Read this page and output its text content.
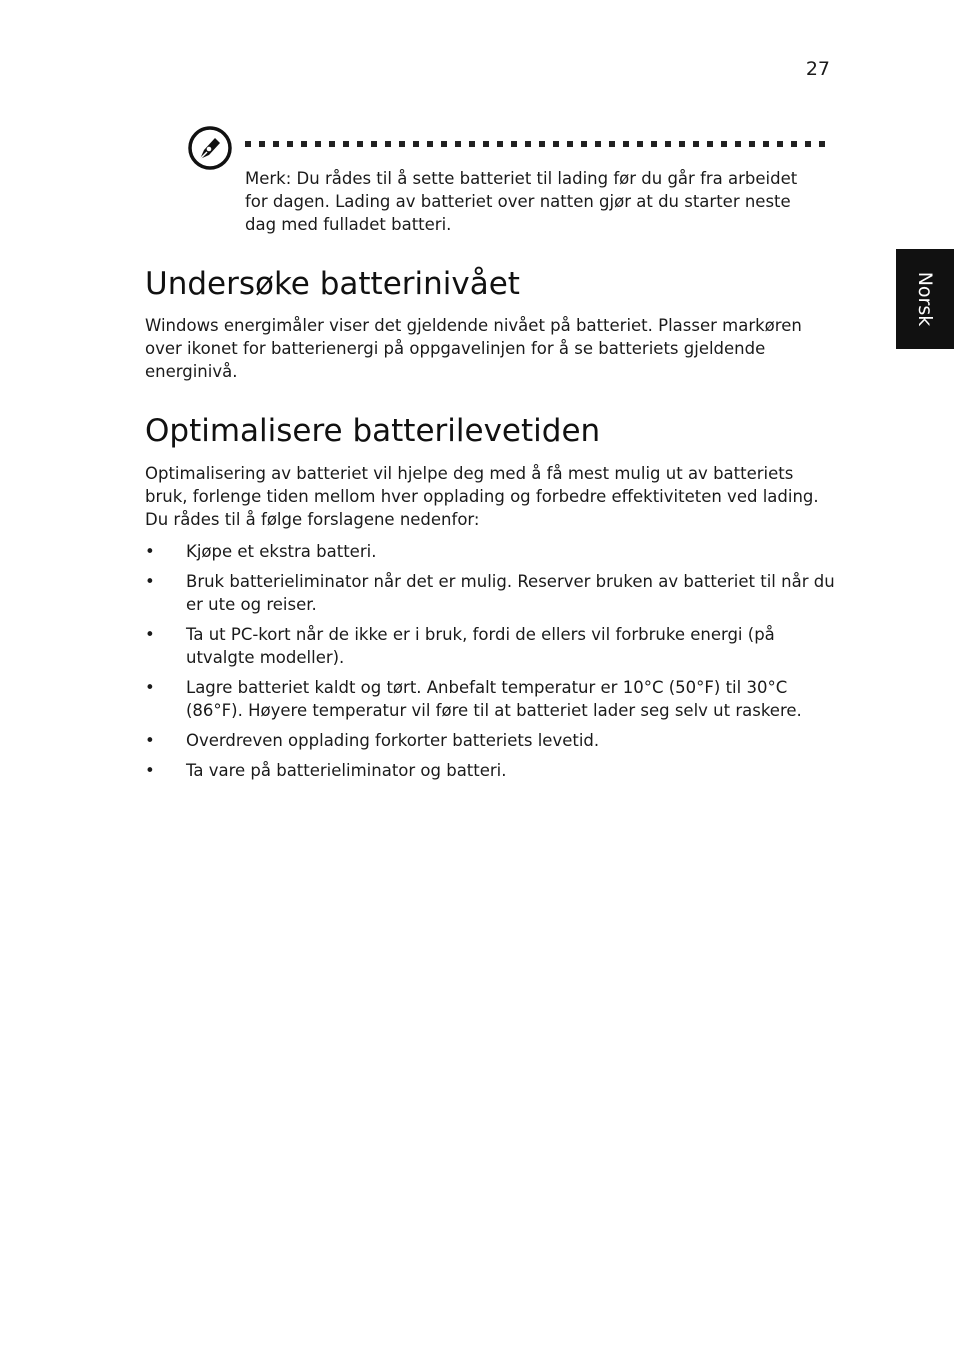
27
Norsk

Merk: Du rådes til å sette batteriet til lading før du går fra arbeidet for dagen. Lading av batteriet over natten gjør at du starter neste dag med fulladet batteri.

Undersøke batterinivået

Windows energimåler viser det gjeldende nivået på batteriet. Plasser markøren over ikonet for batterienergi på oppgavelinjen for å se batteriets gjeldende energinivå.

Optimalisere batterilevetiden

Optimalisering av batteriet vil hjelpe deg med å få mest mulig ut av batteriets bruk, forlenge tiden mellom hver opplading og forbedre effektiviteten ved lading. Du rådes til å følge forslagene nedenfor:

• Kjøpe et ekstra batteri.
• Bruk batterieliminator når det er mulig. Reserver bruken av batteriet til når du er ute og reiser.
• Ta ut PC-kort når de ikke er i bruk, fordi de ellers vil forbruke energi (på utvalgte modeller).
• Lagre batteriet kaldt og tørt. Anbefalt temperatur er 10°C (50°F) til 30°C (86°F). Høyere temperatur vil føre til at batteriet lader seg selv ut raskere.
• Overdreven opplading forkorter batteriets levetid.
• Ta vare på batterieliminator og batteri.
